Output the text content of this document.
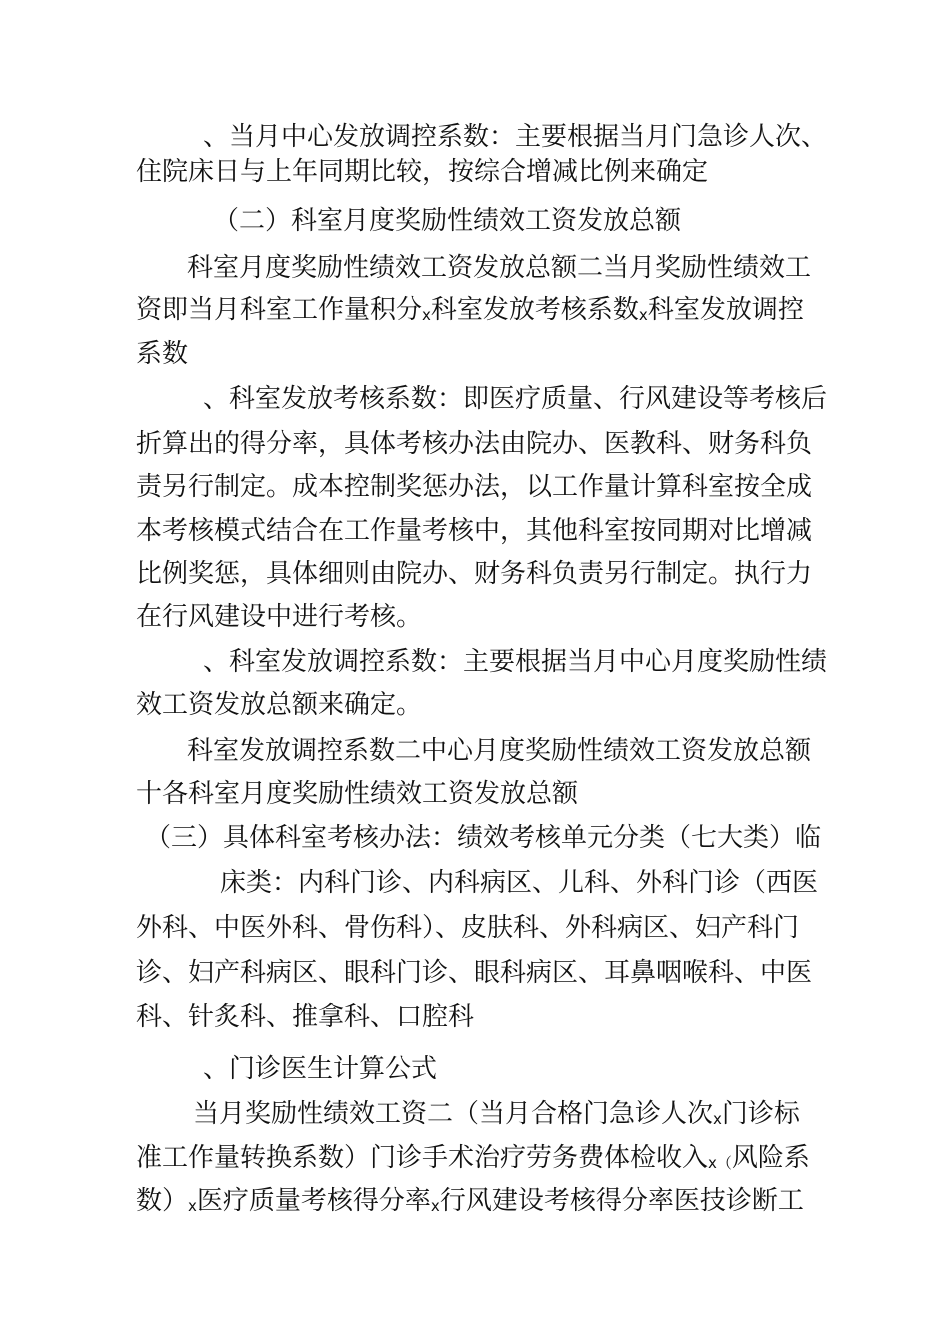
、当月中心发放调控系数：主要根据当月门急诊人次、
住院床日与上年同期比较，按综合增减比例来确定
（二）科室月度奖励性绩效工资发放总额
科室月度奖励性绩效工资发放总额二当月奖励性绩效工
资即当月科室工作量积分x科室发放考核系数x科室发放调控
系数
、科室发放考核系数：即医疗质量、行风建设等考核后
折算出的得分率，具体考核办法由院办、医教科、财务科负
责另行制定。成本控制奖惩办法，以工作量计算科室按全成
本考核模式结合在工作量考核中，其他科室按同期对比增减
比例奖惩，具体细则由院办、财务科负责另行制定。执行力
在行风建设中进行考核。
、科室发放调控系数：主要根据当月中心月度奖励性绩
效工资发放总额来确定。
科室发放调控系数二中心月度奖励性绩效工资发放总额
十各科室月度奖励性绩效工资发放总额
（三）具体科室考核办法：绩效考核单元分类（七大类）临
床类：内科门诊、内科病区、儿科、外科门诊（西医
外科、中医外科、骨伤科）、皮肤科、外科病区、妇产科门
诊、妇产科病区、眼科门诊、眼科病区、耳鼻咽喉科、中医
科、针炙科、推拿科、口腔科
、门诊医生计算公式
当月奖励性绩效工资二（当月合格门急诊人次x门诊标
准工作量转换系数）门诊手术治疗劳务费体检收入x（风险系
数）x医疗质量考核得分率x行风建设考核得分率医技诊断工
